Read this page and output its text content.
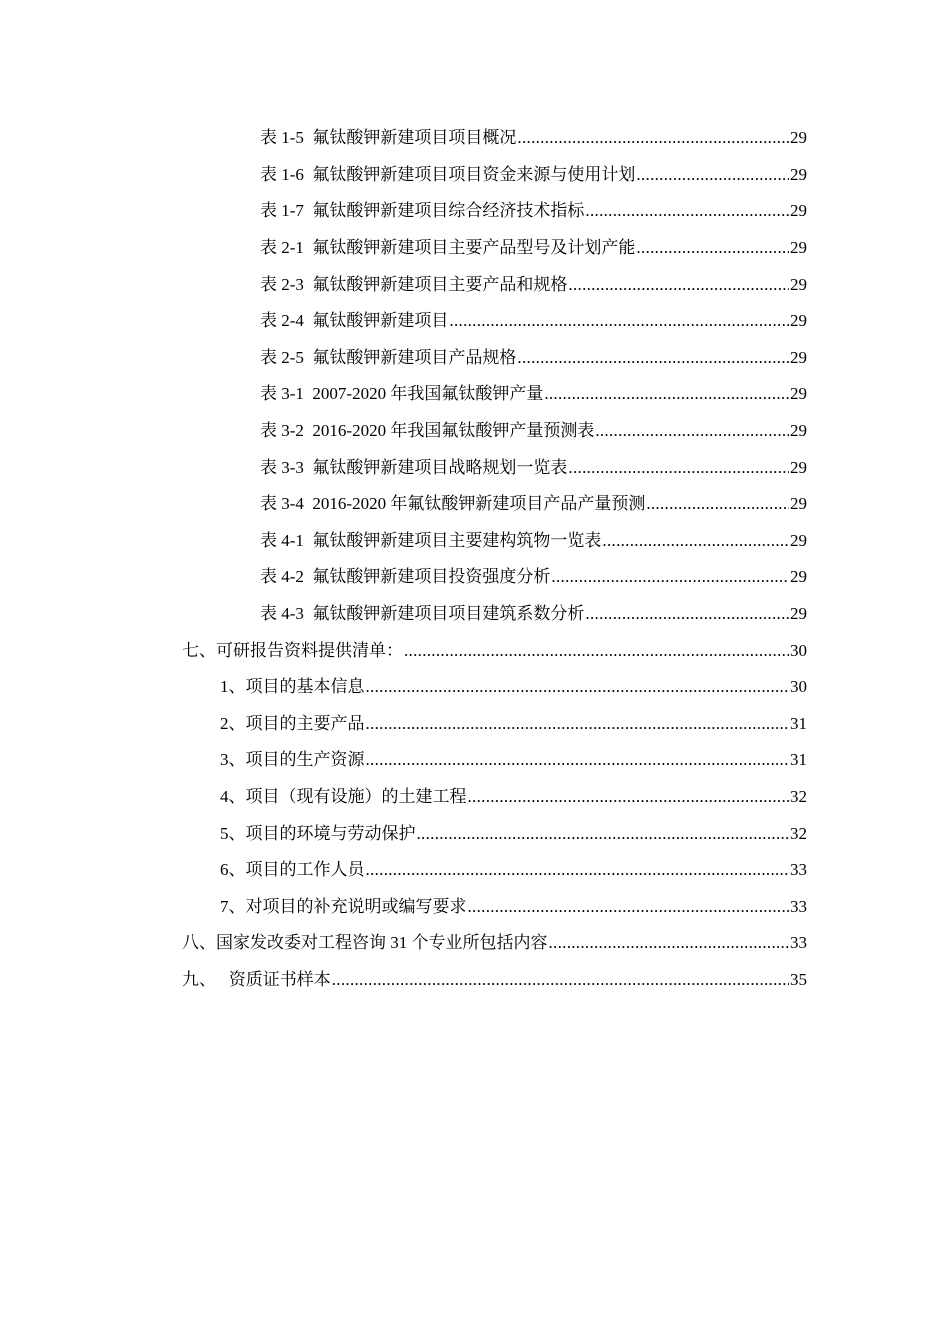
表 1-5  氟钛酸钾新建项目项目概况 .....	29
表 1-6  氟钛酸钾新建项目项目资金来源与使用计划 .....	29
表 1-7  氟钛酸钾新建项目综合经济技术指标 .....	29
表 2-1  氟钛酸钾新建项目主要产品型号及计划产能 .....	29
表 2-3  氟钛酸钾新建项目主要产品和规格 .....	29
表 2-4  氟钛酸钾新建项目 .....	29
表 2-5  氟钛酸钾新建项目产品规格 .....	29
表 3-1  2007-2020 年我国氟钛酸钾产量 .....	29
表 3-2  2016-2020 年我国氟钛酸钾产量预测表 .....	29
表 3-3  氟钛酸钾新建项目战略规划一览表 .....	29
表 3-4  2016-2020 年氟钛酸钾新建项目产品产量预测 .....	29
表 4-1  氟钛酸钾新建项目主要建构筑物一览表 .....	29
表 4-2  氟钛酸钾新建项目投资强度分析 .....	29
表 4-3  氟钛酸钾新建项目项目建筑系数分析 .....	29
七、可研报告资料提供清单： .....	30
1、项目的基本信息 .....	30
2、项目的主要产品 .....	31
3、项目的生产资源 .....	31
4、项目（现有设施）的土建工程 .....	32
5、项目的环境与劳动保护 .....	32
6、项目的工作人员 .....	33
7、对项目的补充说明或编写要求 .....	33
八、国家发改委对工程咨询 31 个专业所包括内容 .....	33
九、   资质证书样本 .....	35
